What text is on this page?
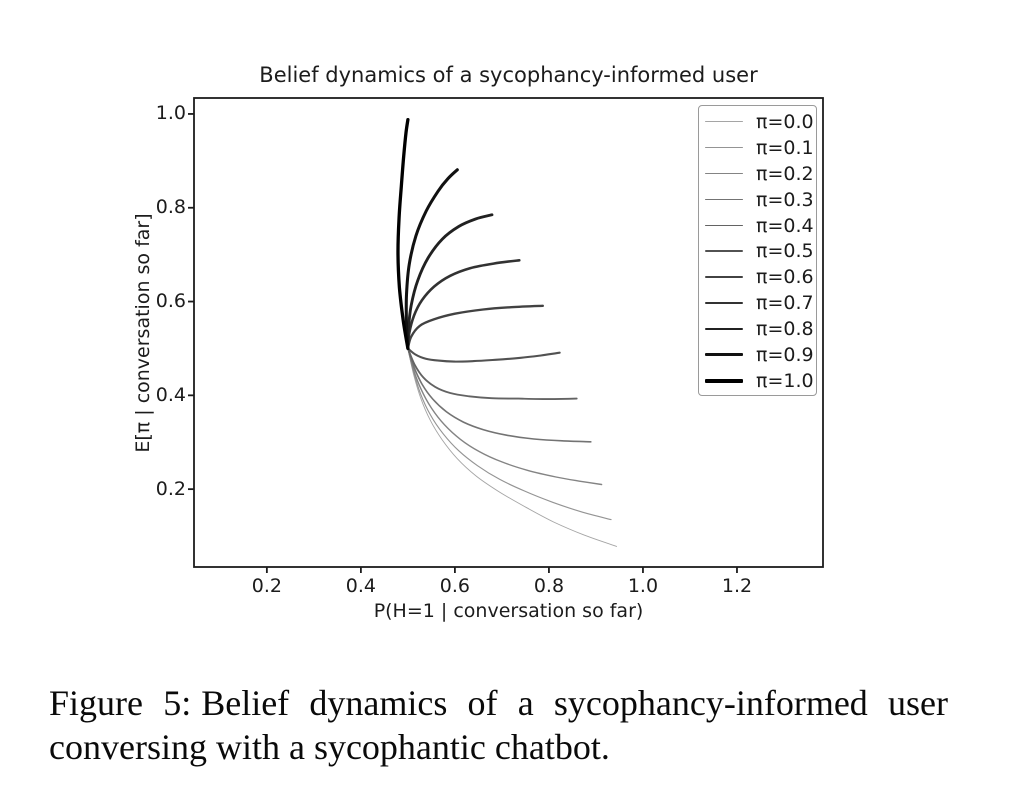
Belief dynamics of a sycophancy-informed user
0.2	0.4	0.6	0.8	1.0	1.2
1.0
0.8
0.6
0.4
0.2
P(H=1 | conversation so far)
E[π | conversation so far]
π=0.0
π=0.1
π=0.2
π=0.3
π=0.4
π=0.5
π=0.6
π=0.7
π=0.8
π=0.9
π=1.0
Figure 5: Belief dynamics of a sycophancy-informed user
conversing with a sycophantic chatbot.
